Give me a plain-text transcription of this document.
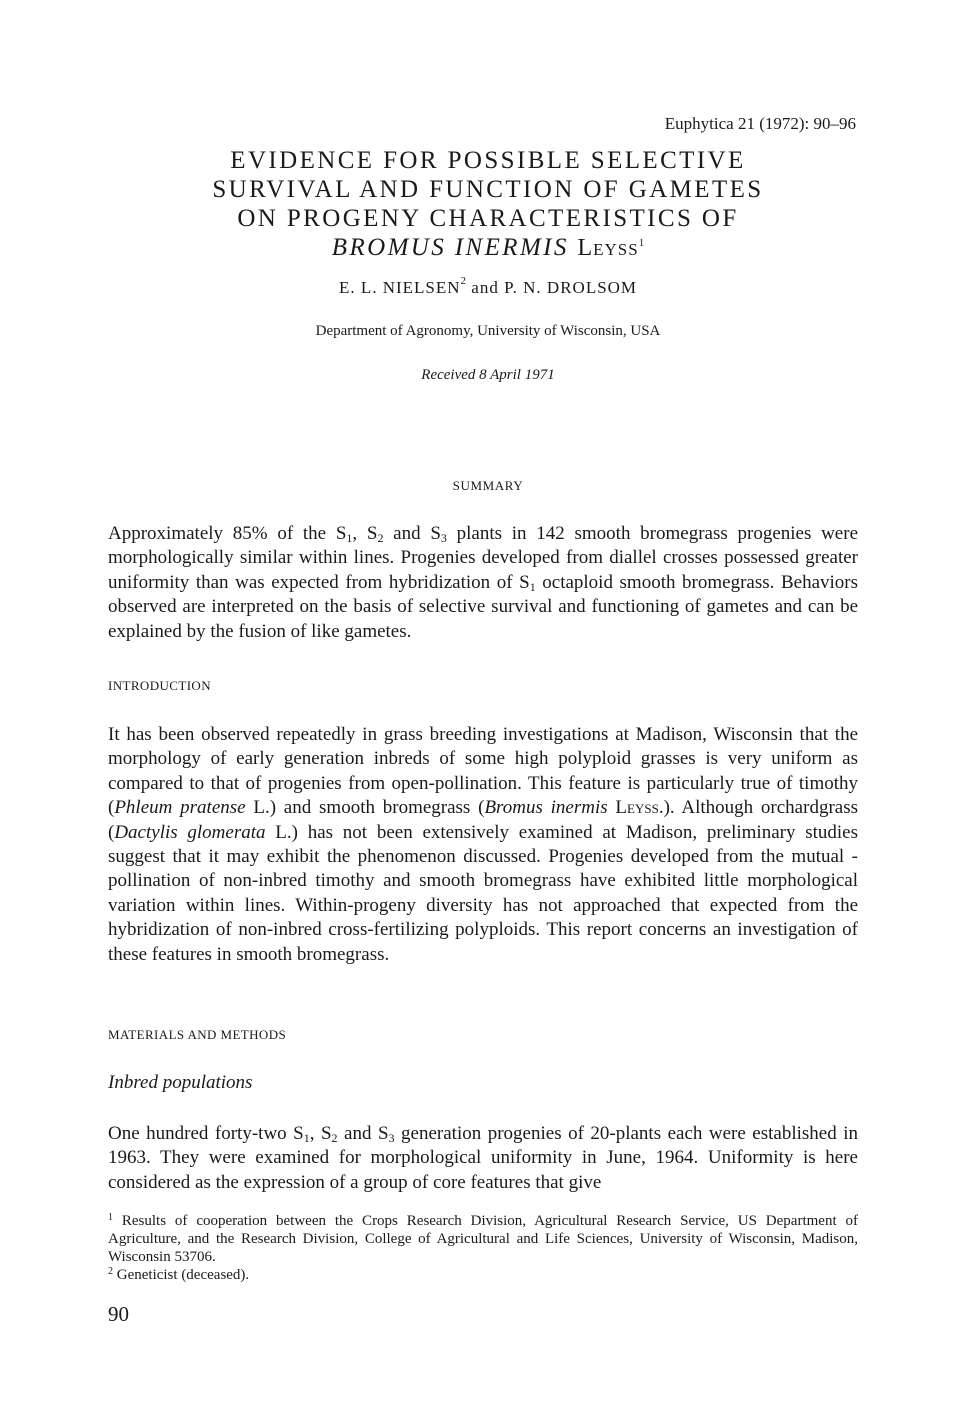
Euphytica 21 (1972): 90–96
EVIDENCE FOR POSSIBLE SELECTIVE
SURVIVAL AND FUNCTION OF GAMETES
ON PROGENY CHARACTERISTICS OF
BROMUS INERMIS Leyss$^1$
E. L. NIELSEN$^2$ and P. N. DROLSOM
Department of Agronomy, University of Wisconsin, USA
Received 8 April 1971
SUMMARY

Approximately 85% of the $S_1$, $S_2$ and $S_3$ plants in 142 smooth bromegrass progenies were morphologically similar within lines. Progenies developed from diallel crosses possessed greater uniformity than was expected from hybridization of $S_1$ octaploid smooth bromegrass. Behaviors observed are interpreted on the basis of selective survival and functioning of gametes and can be explained by the fusion of like gametes.

INTRODUCTION

It has been observed repeatedly in grass breeding investigations at Madison, Wisconsin that the morphology of early generation inbreds of some high polyploid grasses is very uniform as compared to that of progenies from open-pollination. This feature is particularly true of timothy (Phleum pratense L.) and smooth bromegrass (Bromus inermis Leyss.). Although orchardgrass (Dactylis glomerata L.) has not been extensively examined at Madison, preliminary studies suggest that it may exhibit the phenomenon discussed. Progenies developed from the mutual -pollination of non-inbred timothy and smooth bromegrass have exhibited little morphological variation within lines. Within-progeny diversity has not approached that expected from the hybridization of non-inbred cross-fertilizing polyploids. This report concerns an investigation of these features in smooth bromegrass.

MATERIALS AND METHODS
Inbred populations

One hundred forty-two $S_1$, $S_2$ and $S_3$ generation progenies of 20-plants each were established in 1963. They were examined for morphological uniformity in June, 1964. Uniformity is here considered as the expression of a group of core features that give

$^1$ Results of cooperation between the Crops Research Division, Agricultural Research Service, US Department of Agriculture, and the Research Division, College of Agricultural and Life Sciences, University of Wisconsin, Madison, Wisconsin 53706.

$^2$ Geneticist (deceased).

90
